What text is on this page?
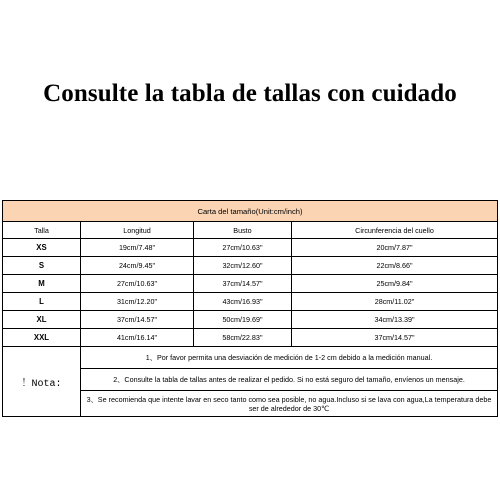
Consulte la tabla de tallas con cuidado
Carta del tamaño(Unit:cm/inch)			
Talla	Longitud	Busto	Circunferencia del cuello
XS	19cm/7.48"	27cm/10.63''	20cm/7.87"
S	24cm/9.45"	32cm/12.60"	22cm/8.66"
M	27cm/10.63"	37cm/14.57"	25cm/9.84"
L	31cm/12.20"	43cm/16.93"	28cm/11.02"
XL	37cm/14.57"	50cm/19.69"	34cm/13.39"
XXL	41cm/16.14"	58cm/22.83''	37cm/14.57"
！Nota:	1、Por favor permita una desviación de medición de 1-2 cm debido a la medición manual.		
	2、Consulte la tabla de tallas antes de realizar el pedido. Si no está seguro del tamaño, envíenos un mensaje.		
	3、Se recomienda que intente lavar en seco tanto como sea posible, no agua.Incluso si se lava con agua,La temperatura debe ser de alrededor de 30℃		
